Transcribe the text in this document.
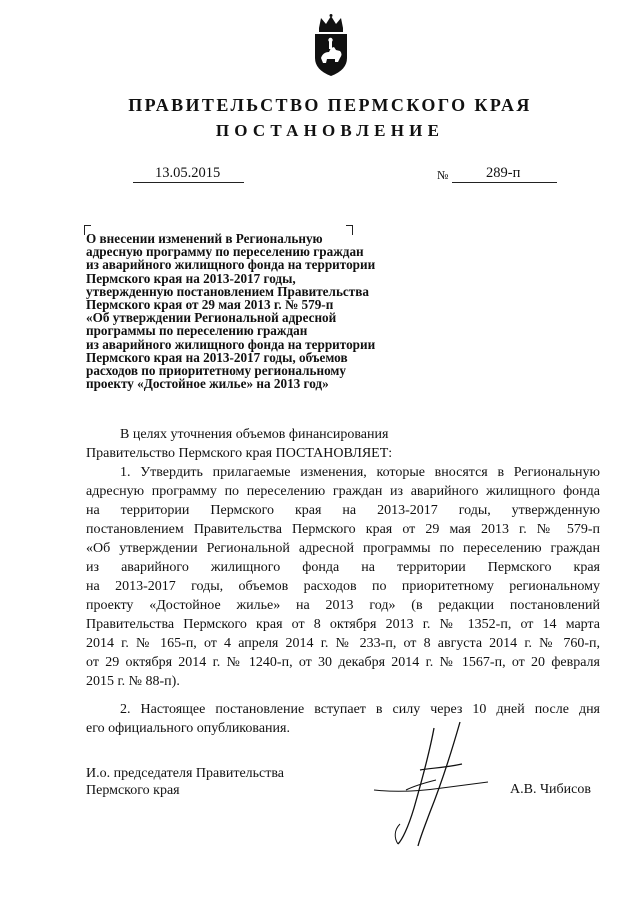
ПРАВИТЕЛЬСТВО ПЕРМСКОГО КРАЯ
ПОСТАНОВЛЕНИЕ
13.05.2015	№	289-п
О внесении изменений в Региональную
адресную программу по переселению граждан
из аварийного жилищного фонда на территории
Пермского края на 2013-2017 годы,
утвержденную постановлением Правительства
Пермского края от 29 мая 2013 г. № 579-п
«Об утверждении Региональной адресной
программы по переселению граждан
из аварийного жилищного фонда на территории
Пермского края на 2013-2017 годы, объемов
расходов по приоритетному региональному
проекту «Достойное жилье» на 2013 год»
В целях уточнения объемов финансирования
Правительство Пермского края ПОСТАНОВЛЯЕТ:
1. Утвердить прилагаемые изменения, которые вносятся в Региональную
адресную программу по переселению граждан из аварийного жилищного фонда
на территории Пермского края на 2013-2017 годы, утвержденную
постановлением Правительства Пермского края от 29 мая 2013 г. № 579-п
«Об утверждении Региональной адресной программы по переселению граждан
из аварийного жилищного фонда на территории Пермского края
на 2013-2017 годы, объемов расходов по приоритетному региональному
проекту «Достойное жилье» на 2013 год» (в редакции постановлений
Правительства Пермского края от 8 октября 2013 г. № 1352-п, от 14 марта
2014 г. № 165-п, от 4 апреля 2014 г. № 233-п, от 8 августа 2014 г. № 760-п,
от 29 октября 2014 г. № 1240-п, от 30 декабря 2014 г. № 1567-п, от 20 февраля
2015 г. № 88-п).
2. Настоящее постановление вступает в силу через 10 дней после дня
его официального опубликования.
И.о. председателя Правительства
Пермского края	А.В. Чибисов
